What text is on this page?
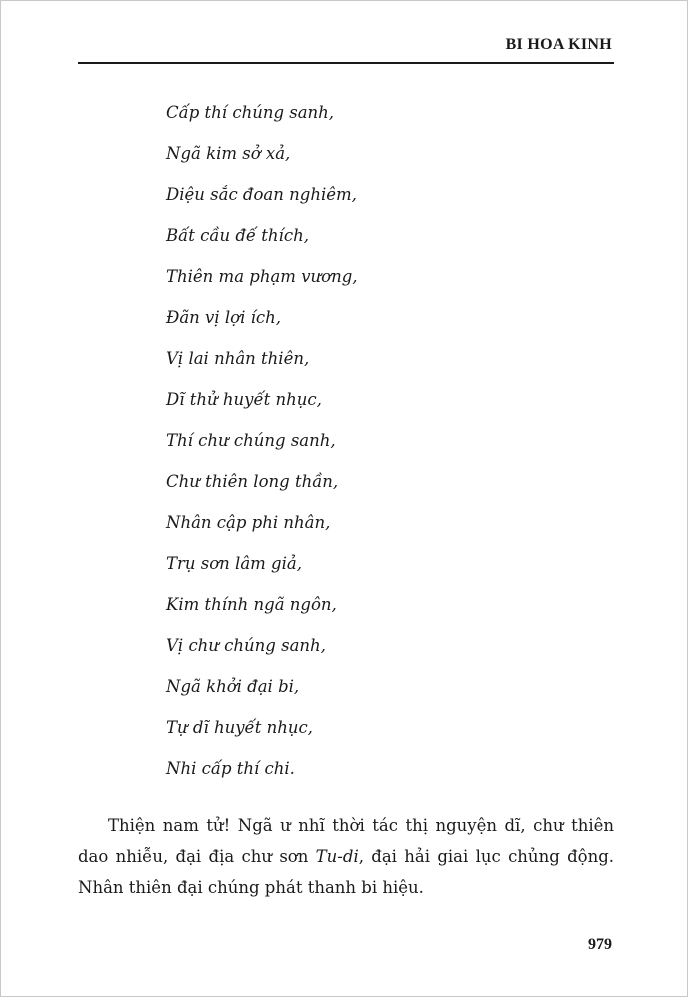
BI HOA KINH
Cấp thí chúng sanh,
Ngã kim sở xả,
Diệu sắc đoan nghiêm,
Bất cầu đế thích,
Thiên ma phạm vương,
Đãn vị lợi ích,
Vị lai nhân thiên,
Dĩ thử huyết nhục,
Thí chư chúng sanh,
Chư thiên long thần,
Nhân cập phi nhân,
Trụ sơn lâm giả,
Kim thính ngã ngôn,
Vị chư chúng sanh,
Ngã khởi đại bi,
Tự dĩ huyết nhục,
Nhi cấp thí chi.

Thiện nam tử! Ngã ư nhĩ thời tác thị nguyện dĩ, chư thiên dao nhiễu, đại địa chư sơn Tu-di, đại hải giai lục chủng động. Nhân thiên đại chúng phát thanh bi hiệu.

979
